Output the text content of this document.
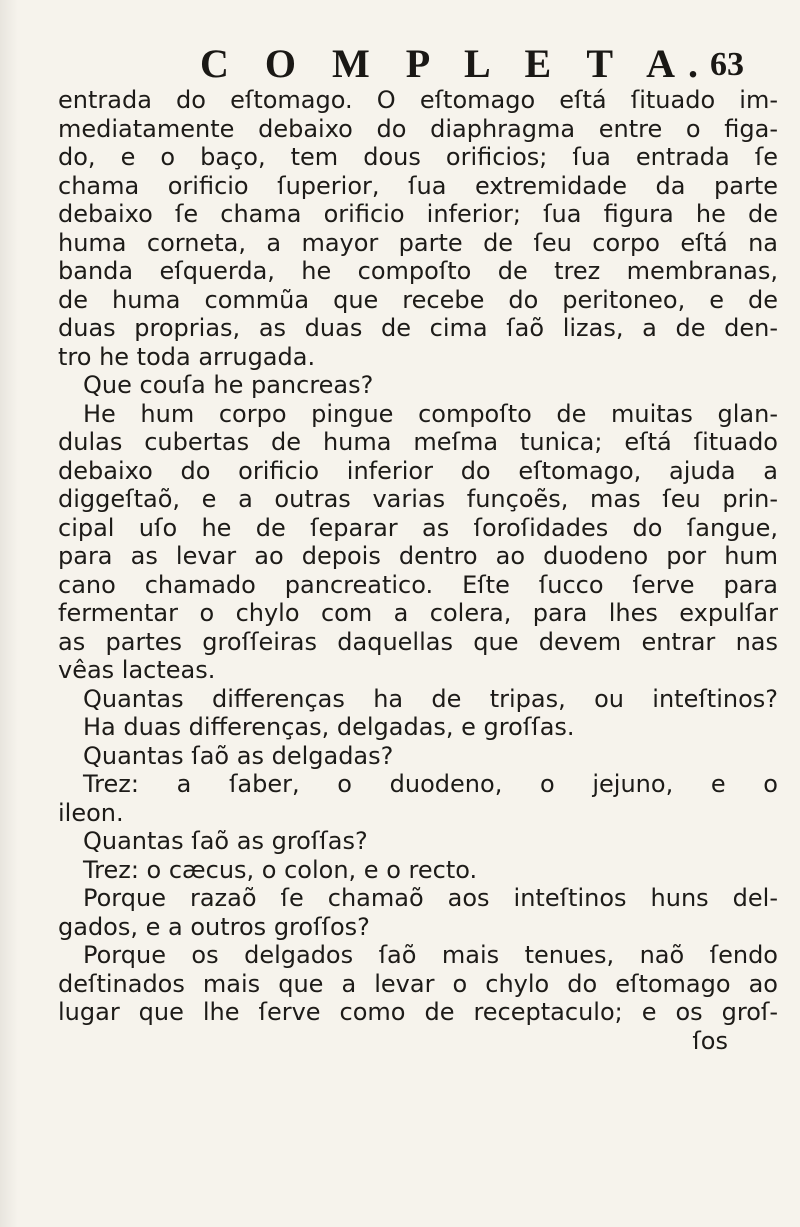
C O M P L E T A.
63
entrada do eſtomago. O eſtomago eſtá ſituado im-
mediatamente debaixo do diaphragma entre o figa-
do, e o baço, tem dous orificios; ſua entrada ſe
chama orificio ſuperior, ſua extremidade da parte
debaixo ſe chama orificio inferior; ſua figura he de
huma corneta, a mayor parte de ſeu corpo eſtá na
banda eſquerda, he compoſto de trez membranas,
de huma commũa que recebe do peritoneo, e de
duas proprias, as duas de cima ſaõ lizas, a de den-
tro he toda arrugada.
Que couſa he pancreas?
He hum corpo pingue compoſto de muitas glan-
dulas cubertas de huma meſma tunica; eſtá ſituado
debaixo do orificio inferior do eſtomago, ajuda a
diggeſtaõ, e a outras varias funçoẽs, mas ſeu prin-
cipal uſo he de ſeparar as ſoroſidades do ſangue,
para as levar ao depois dentro ao duodeno por hum
cano chamado pancreatico. Eſte ſucco ſerve para
fermentar o chylo com a colera, para lhes expulſar
as partes groſſeiras daquellas que devem entrar nas
vêas lacteas.
Quantas differenças ha de tripas, ou inteſtinos?
Ha duas differenças, delgadas, e groſſas.
Quantas ſaõ as delgadas?
Trez: a ſaber, o duodeno, o jejuno, e o
ileon.
Quantas ſaõ as groſſas?
Trez: o cæcus, o colon, e o recto.
Porque razaõ ſe chamaõ aos inteſtinos huns del-
gados, e a outros groſſos?
Porque os delgados ſaõ mais tenues, naõ ſendo
deſtinados mais que a levar o chylo do eſtomago ao
lugar que lhe ſerve como de receptaculo; e os groſ-
ſos
